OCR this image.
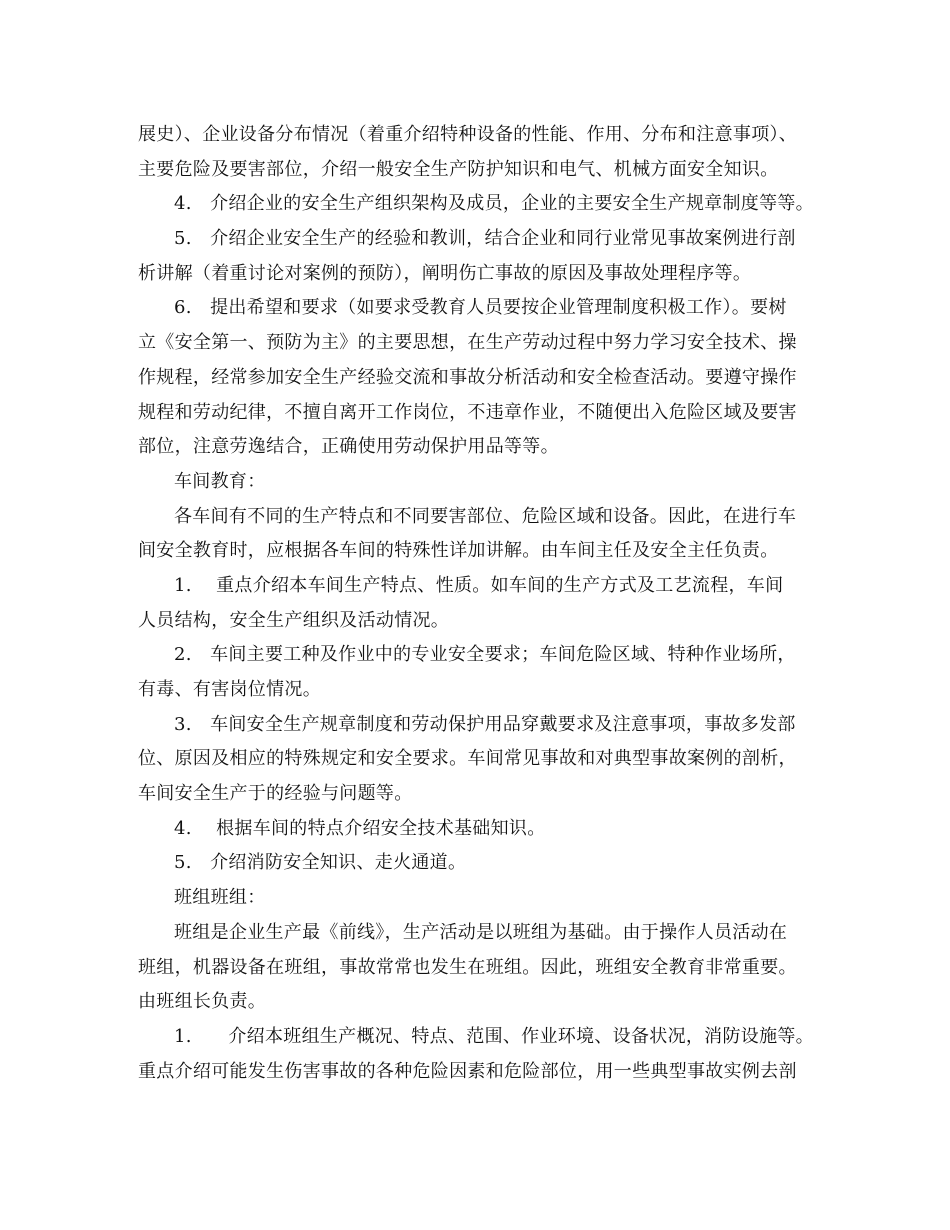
展史）、企业设备分布情况（着重介绍特种设备的性能、作用、分布和注意事项）、
主要危险及要害部位，介绍一般安全生产防护知识和电气、机械方面安全知识。
4.　介绍企业的安全生产组织架构及成员，企业的主要安全生产规章制度等等。
5.　介绍企业安全生产的经验和教训，结合企业和同行业常见事故案例进行剖
析讲解（着重讨论对案例的预防），阐明伤亡事故的原因及事故处理程序等。
6.　提出希望和要求（如要求受教育人员要按企业管理制度积极工作）。要树
立《安全第一、预防为主》的主要思想，在生产劳动过程中努力学习安全技术、操
作规程，经常参加安全生产经验交流和事故分析活动和安全检查活动。要遵守操作
规程和劳动纪律，不擅自离开工作岗位，不违章作业，不随便出入危险区域及要害
部位，注意劳逸结合，正确使用劳动保护用品等等。
车间教育：
各车间有不同的生产特点和不同要害部位、危险区域和设备。因此，在进行车
间安全教育时，应根据各车间的特殊性详加讲解。由车间主任及安全主任负责。
1.　 重点介绍本车间生产特点、性质。如车间的生产方式及工艺流程，车间
人员结构，安全生产组织及活动情况。
2.　车间主要工种及作业中的专业安全要求；车间危险区域、特种作业场所，
有毒、有害岗位情况。
3.　车间安全生产规章制度和劳动保护用品穿戴要求及注意事项，事故多发部
位、原因及相应的特殊规定和安全要求。车间常见事故和对典型事故案例的剖析，
车间安全生产于的经验与问题等。
4.　 根据车间的特点介绍安全技术基础知识。
5.　介绍消防安全知识、走火通道。
班组班组：
班组是企业生产最《前线》，生产活动是以班组为基础。由于操作人员活动在
班组，机器设备在班组，事故常常也发生在班组。因此，班组安全教育非常重要。
由班组长负责。
1.　　介绍本班组生产概况、特点、范围、作业环境、设备状况，消防设施等。
重点介绍可能发生伤害事故的各种危险因素和危险部位，用一些典型事故实例去剖
